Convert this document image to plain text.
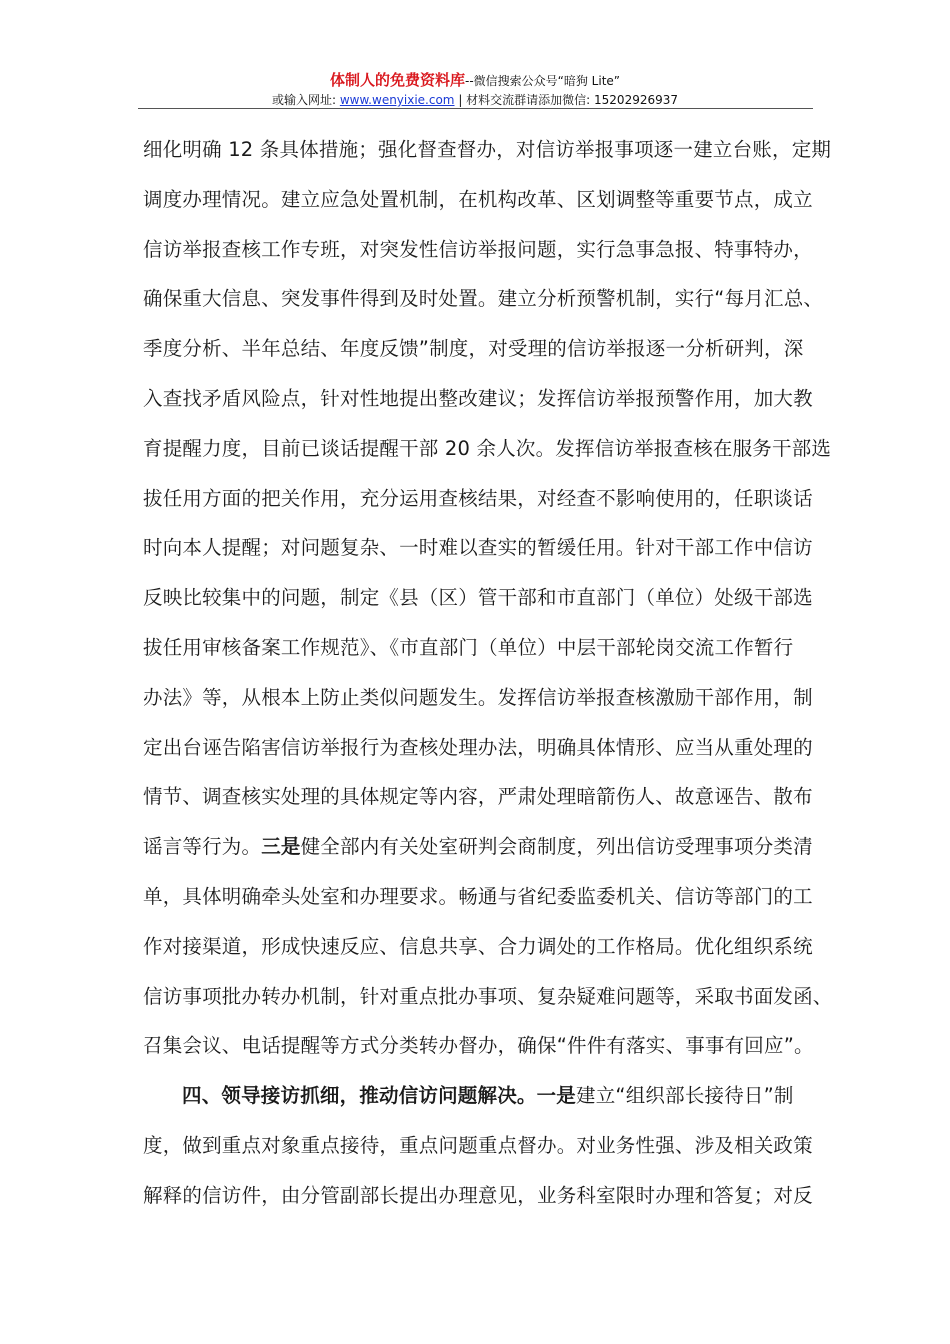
体制人的免费资料库--微信搜索公众号“暗狗 Lite”
或输入网址: www.wenyixie.com | 材料交流群请添加微信: 15202926937
细化明确 12 条具体措施；强化督查督办，对信访举报事项逐一建立台账，定期
调度办理情况。建立应急处置机制，在机构改革、区划调整等重要节点，成立
信访举报查核工作专班，对突发性信访举报问题，实行急事急报、特事特办，
确保重大信息、突发事件得到及时处置。建立分析预警机制，实行“每月汇总、
季度分析、半年总结、年度反馈”制度，对受理的信访举报逐一分析研判，深
入查找矛盾风险点，针对性地提出整改建议；发挥信访举报预警作用，加大教
育提醒力度，目前已谈话提醒干部 20 余人次。发挥信访举报查核在服务干部选
拔任用方面的把关作用，充分运用查核结果，对经查不影响使用的，任职谈话
时向本人提醒；对问题复杂、一时难以查实的暂缓任用。针对干部工作中信访
反映比较集中的问题，制定《县（区）管干部和市直部门（单位）处级干部选
拔任用审核备案工作规范》、《市直部门（单位）中层干部轮岗交流工作暂行
办法》等，从根本上防止类似问题发生。发挥信访举报查核激励干部作用，制
定出台诬告陷害信访举报行为查核处理办法，明确具体情形、应当从重处理的
情节、调查核实处理的具体规定等内容，严肃处理暗箭伤人、故意诬告、散布
谣言等行为。三是健全部内有关处室研判会商制度，列出信访受理事项分类清
单，具体明确牵头处室和办理要求。畅通与省纪委监委机关、信访等部门的工
作对接渠道，形成快速反应、信息共享、合力调处的工作格局。优化组织系统
信访事项批办转办机制，针对重点批办事项、复杂疑难问题等，采取书面发函、
召集会议、电话提醒等方式分类转办督办，确保“件件有落实、事事有回应”。
四、领导接访抓细，推动信访问题解决。一是建立“组织部长接待日”制
度，做到重点对象重点接待，重点问题重点督办。对业务性强、涉及相关政策
解释的信访件，由分管副部长提出办理意见，业务科室限时办理和答复；对反
